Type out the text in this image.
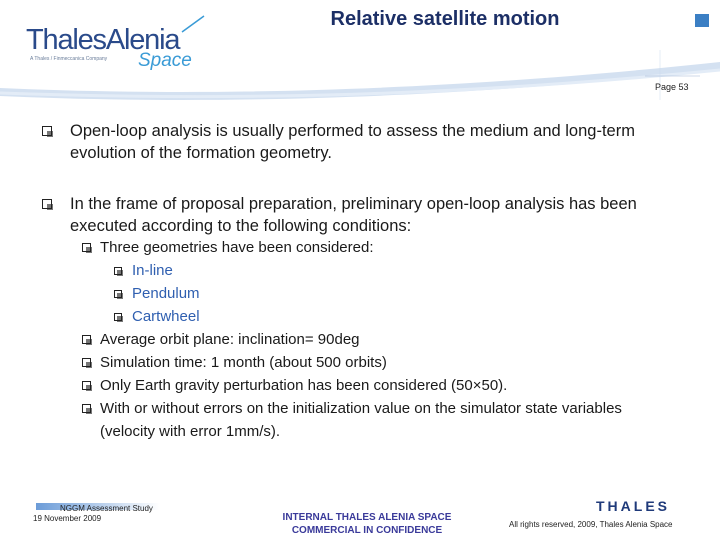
ThalesAlenia
A Thales / Finmeccanica Company Space
Relative satellite motion
Page 53
Open-loop analysis is usually performed to assess the medium and long-term
evolution of the formation geometry.
In the frame of proposal preparation, preliminary open-loop analysis has been
executed according to the following conditions:
Three geometries have been considered:
In-line
Pendulum
Cartwheel
Average orbit plane: inclination= 90deg
Simulation time: 1 month (about 500 orbits)
Only Earth gravity perturbation has been considered (50×50).
With or without errors on the initialization value on the simulator state variables
(velocity with error 1mm/s).
NGGM Assessment Study
19 November 2009	INTERNAL THALES ALENIA SPACE
COMMERCIAL IN CONFIDENCE
THALES
All rights reserved, 2009, Thales Alenia Space
